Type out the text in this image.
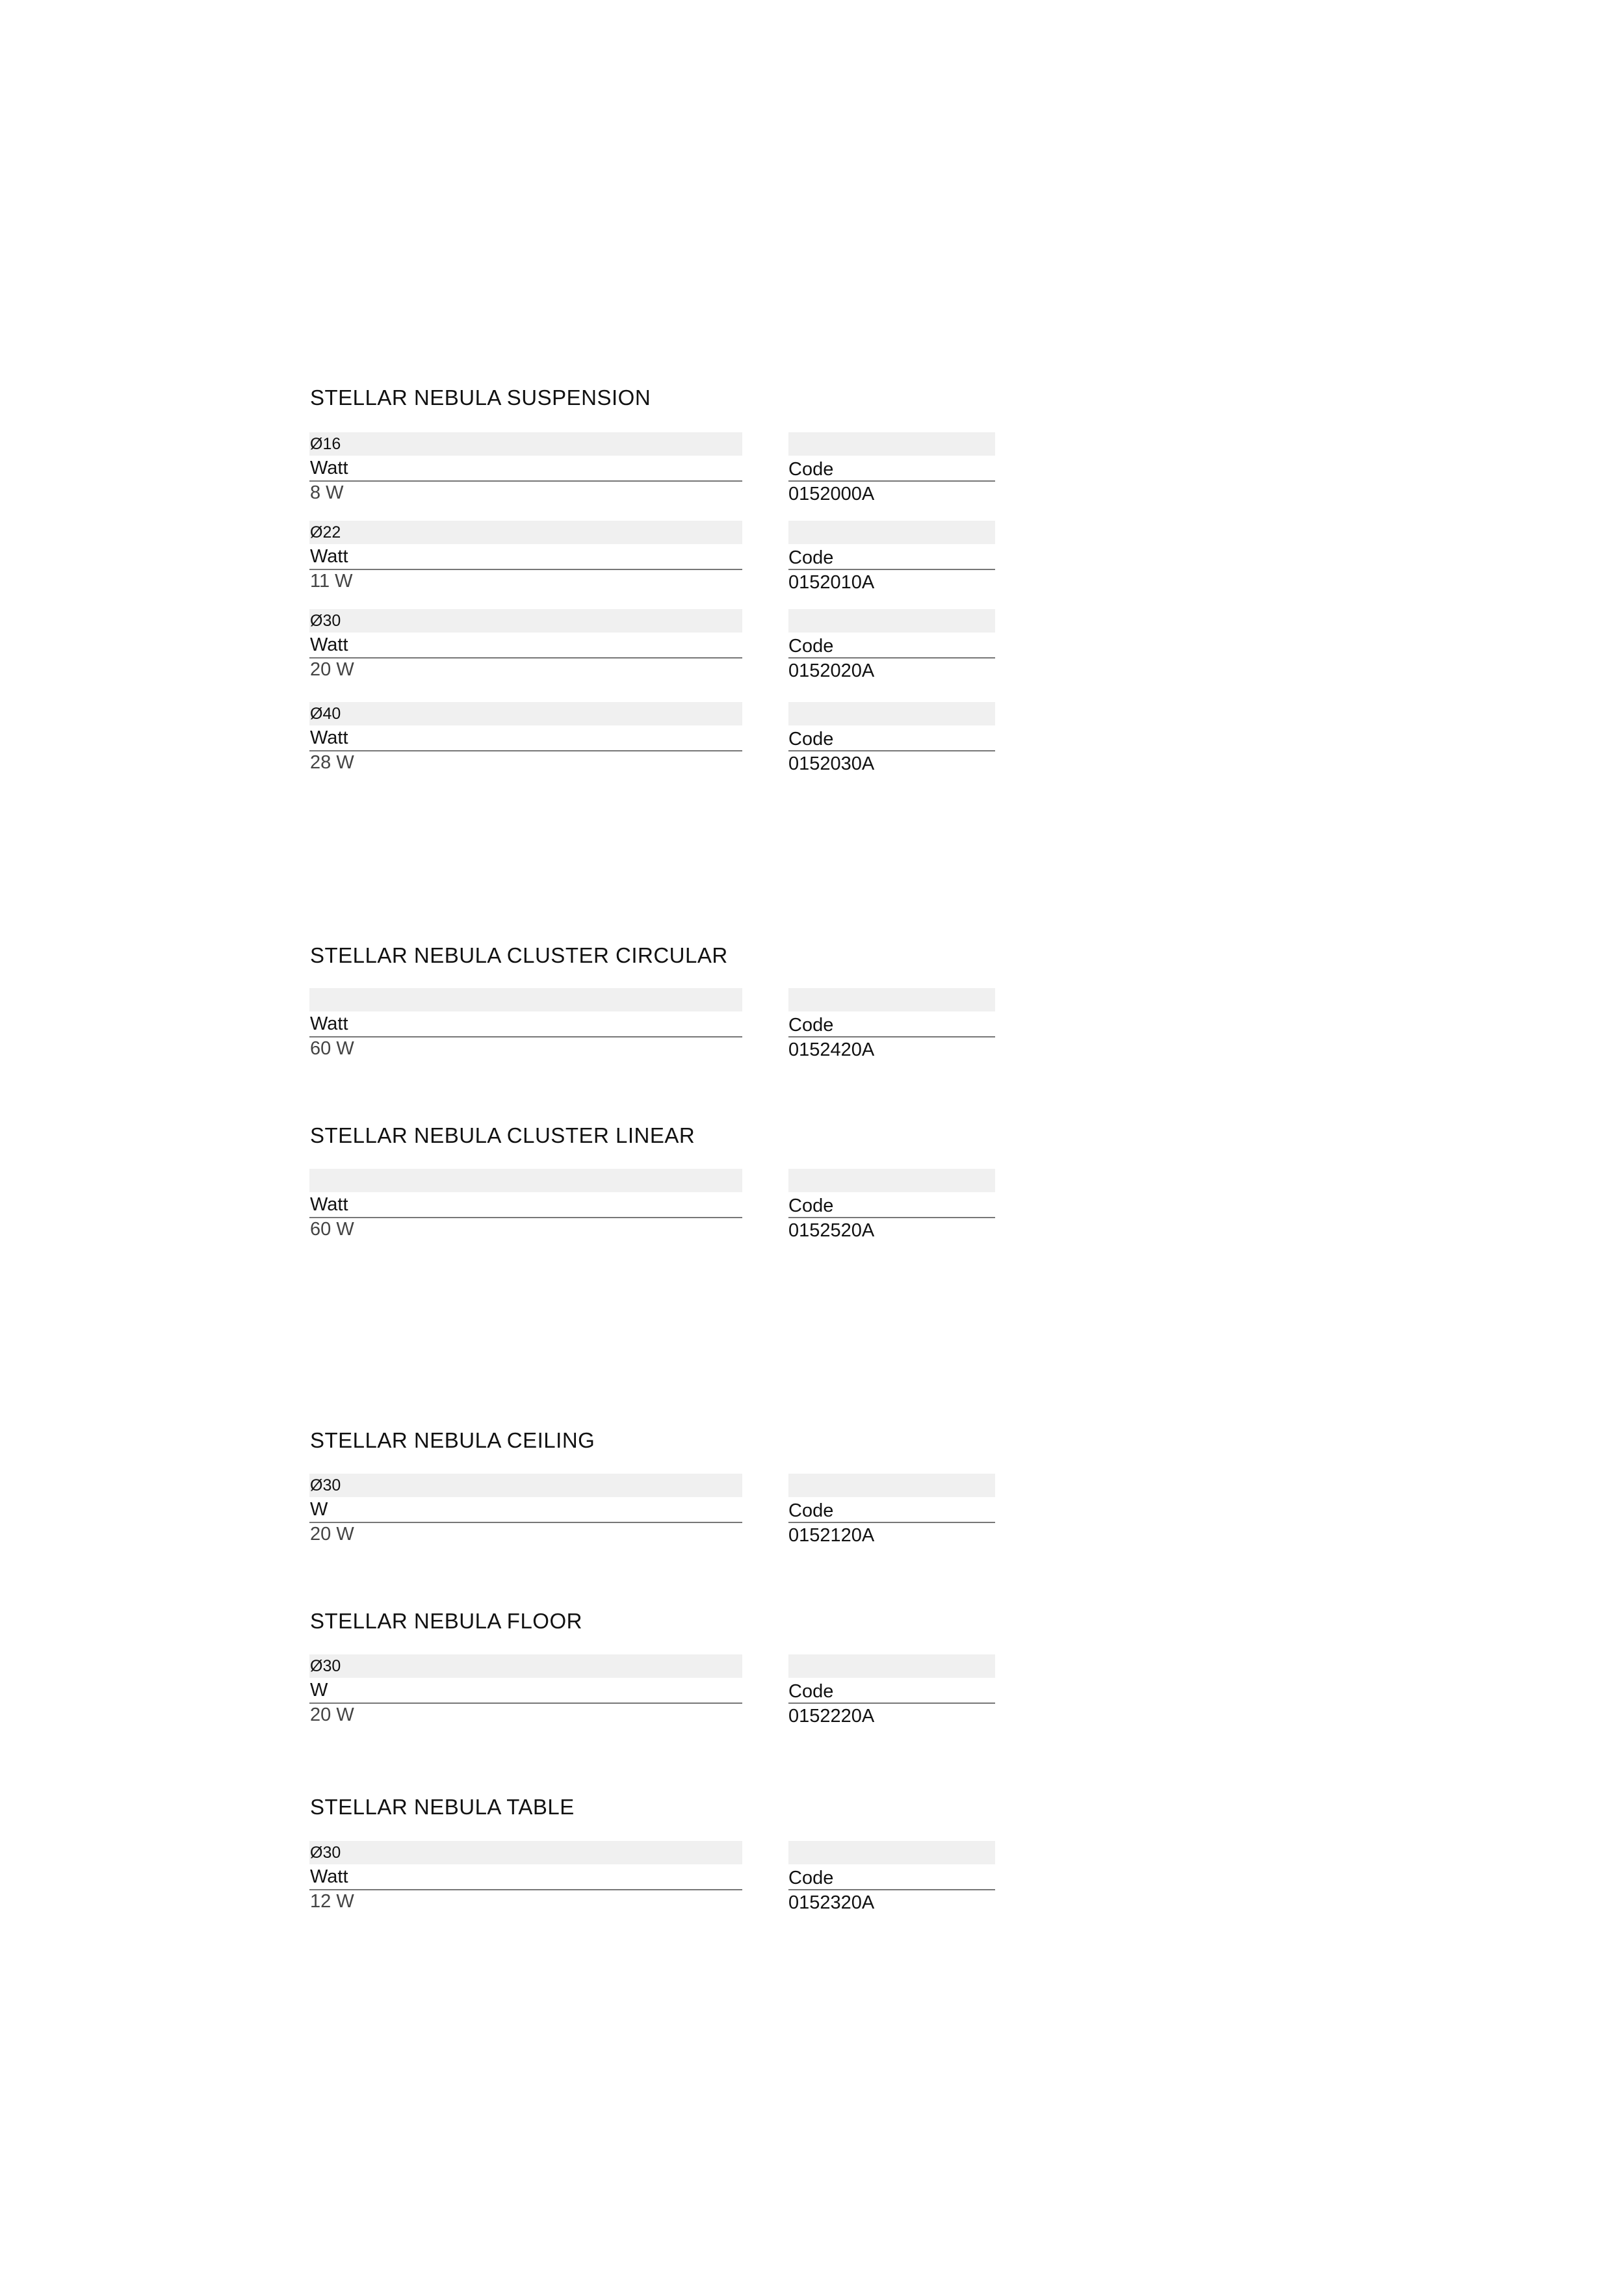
STELLAR NEBULA SUSPENSION
Ø16
Watt	Code
8 W	0152000A
Ø22
Watt	Code
11 W	0152010A
Ø30
Watt	Code
20 W	0152020A
Ø40
Watt	Code
28 W	0152030A
STELLAR NEBULA CLUSTER CIRCULAR
Watt	Code
60 W	0152420A
STELLAR NEBULA CLUSTER LINEAR
Watt	Code
60 W	0152520A
STELLAR NEBULA CEILING
Ø30
W	Code
20 W	0152120A
STELLAR NEBULA FLOOR
Ø30
W	Code
20 W	0152220A
STELLAR NEBULA TABLE
Ø30
Watt	Code
12 W	0152320A
